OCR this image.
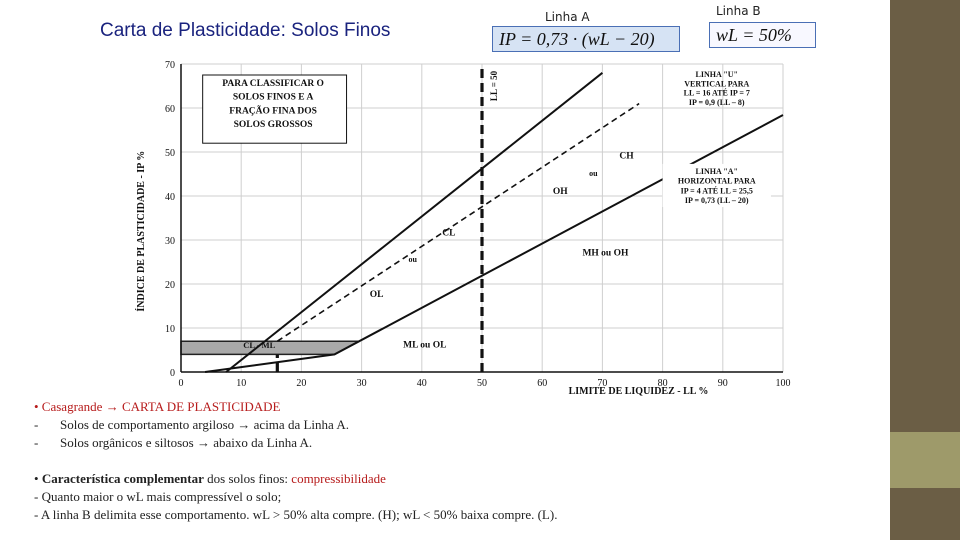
Carta de Plasticidade: Solos Finos
Linha A	Linha B
IP = 0,73 · (wL − 20)	wL = 50%
0	10	20	30	40	50	60	70	80	90	100
0
10
20
30
40
50
60
70
LIMITE DE LIQUIDEZ - LL %
ÍNDICE DE PLASTICIDADE - IP %
PARA CLASSIFICAR O
SOLOS FINOS E A
FRAÇÃO FINA DOS
SOLOS GROSSOS
LL = 50	LINHA "U"
VERTICAL PARA
LL = 16 ATÉ IP = 7
IP = 0,9 (LL – 8)
LINHA "A"
HORIZONTAL PARA
IP = 4 ATÉ LL = 25,5
IP = 0,73 (LL – 20)
CH
ou
OH
CL
ou
OL
MH ou OH
ML ou OL
CL - ML
• Casagrande → CARTA DE PLASTICIDADE
- Solos de comportamento argiloso → acima da Linha A.
- Solos orgânicos e siltosos → abaixo da Linha A.
• Característica complementar dos solos finos: compressibilidade
- Quanto maior o wL mais compressível o solo;
- A linha B delimita esse comportamento. wL > 50% alta compre. (H); wL < 50% baixa compre. (L).
